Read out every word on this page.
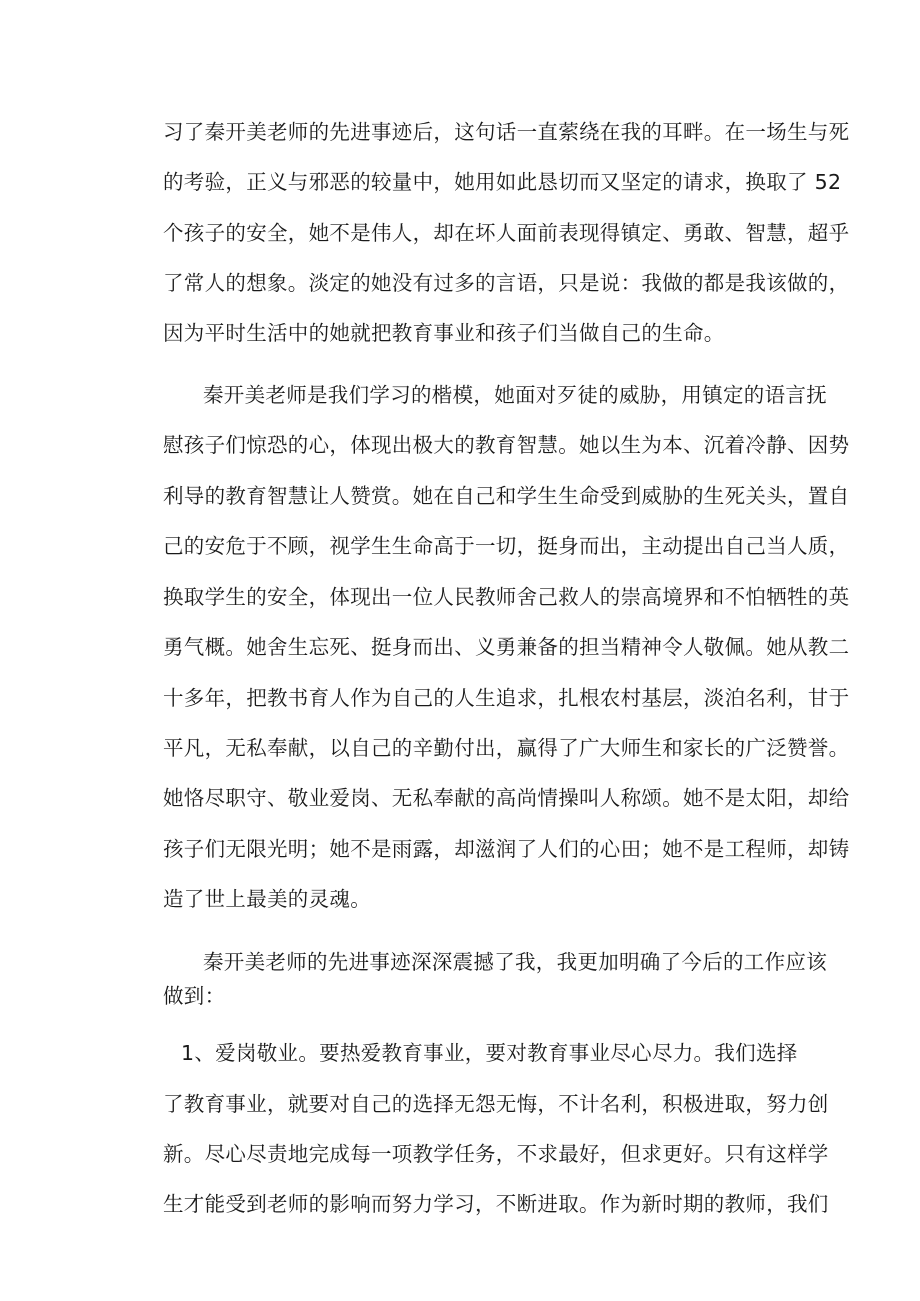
习了秦开美老师的先进事迹后，这句话一直萦绕在我的耳畔。在一场生与死
的考验，正义与邪恶的较量中，她用如此恳切而又坚定的请求，换取了 52
个孩子的安全，她不是伟人，却在坏人面前表现得镇定、勇敢、智慧，超乎
了常人的想象。淡定的她没有过多的言语，只是说：我做的都是我该做的，
因为平时生活中的她就把教育事业和孩子们当做自己的生命。
秦开美老师是我们学习的楷模，她面对歹徒的威胁，用镇定的语言抚
慰孩子们惊恐的心，体现出极大的教育智慧。她以生为本、沉着冷静、因势
利导的教育智慧让人赞赏。她在自己和学生生命受到威胁的生死关头，置自
己的安危于不顾，视学生生命高于一切，挺身而出，主动提出自己当人质，
换取学生的安全，体现出一位人民教师舍己救人的崇高境界和不怕牺牲的英
勇气概。她舍生忘死、挺身而出、义勇兼备的担当精神令人敬佩。她从教二
十多年，把教书育人作为自己的人生追求，扎根农村基层，淡泊名利，甘于
平凡，无私奉献，以自己的辛勤付出，赢得了广大师生和家长的广泛赞誉。
她恪尽职守、敬业爱岗、无私奉献的高尚情操叫人称颂。她不是太阳，却给
孩子们无限光明；她不是雨露，却滋润了人们的心田；她不是工程师，却铸
造了世上最美的灵魂。
秦开美老师的先进事迹深深震撼了我，我更加明确了今后的工作应该
做到：
1、爱岗敬业。要热爱教育事业，要对教育事业尽心尽力。我们选择
了教育事业，就要对自己的选择无怨无悔，不计名利，积极进取，努力创
新。尽心尽责地完成每一项教学任务，不求最好，但求更好。只有这样学
生才能受到老师的影响而努力学习，不断进取。作为新时期的教师，我们
